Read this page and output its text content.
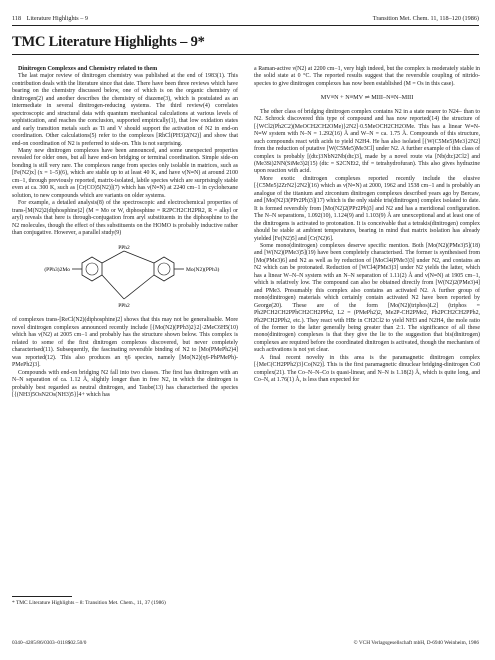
118 Literature Highlights – 9	Transition Met. Chem. 11, 118–120 (1986)
TMC Literature Highlights – 9*

Dinitrogen Complexes and Chemistry related to them

The last major review of dinitrogen chemistry was published at the end of 1983(1). This contribution deals with the literature since that date. There have been three reviews which have bearing on the chemistry discussed below, one of which is on the organic chemistry of dinitrogen(2) and another describes the chemistry of diazene(3), which is postulated as an intermediate in several dinitrogen-reducing systems. The third review(4) correlates spectroscopic and structural data with quantum mechanical calculations at various levels of sophistication, and reaches the conclusion, supported empirically(1), that low oxidation states and early transition metals such as Ti and V should support the activation of N2 in end-on coordination. Other calculations(5) refer to the complexes [RhCl(PH3)2(N2)] and show that end-on coordination of N2 is preferred to side-on. This is not surprising.

Many new dinitrogen complexes have been announced, and some unexpected properties revealed for older ones, but all have end-on bridging or terminal coordination. Simple side-on bonding is still very rare. The complexes range from species only isolable in matrices, such as [Fe(N2)x] (x = 1–5)(6), which are stable up to at least 40 K, and have ν(N≡N) at around 2100 cm−1, through previously reported, matrix-isolated, labile species which are surprisingly stable even at ca. 300 K, such as [Cr(CO)5(N2)](7) which has ν(N≡N) at 2240 cm−1 in cyclohexane solution, to new compounds which are variants on older systems.

For example, a detailed analysis(8) of the spectroscopic and electrochemical properties of trans-[M(N2)2(diphosphine)2] (M = Mo or W, diphosphine = R2PCH2CH2PR2, R = alkyl or aryl) reveals that here is through-conjugation from aryl substituents in the diphosphine to the N2 molecules, though the effect of thes substituents on the HOMO is probably inductive rather than conjugative. However, a parallel study(9)

PPh2
PPh2
(PPh3)2Mo	Mo(N2)(PPh3)

of complexes trans-[ReCl(N2)(diphosphine)2] shows that this may not be generalisable. More novel dinitrogen complexes announced recently include [{Mo(N2)(PPh3)2}2]·2MeC6H5(10) which has ν(N2) at 2005 cm−1 and probably has the structure shown below. This complex is related to some of the first dinitrogen complexes discovered, but never completely characterised(11). Subsequently, the fascinating reversible binding of N2 to [Mo(PMePh2)4] was reported(12). This also produces an η6 species, namely [Mo(N2)(η6-PhPMePh)-PMePh2)3].

Compounds with end-on bridging N2 fall into two classes. The first has dinitrogen with an N–N separation of ca. 1.12 Å, slightly longer than in free N2, in which the dinitrogen is probably best regarded as neutral dinitrogen, and Taube(13) has characterised the species [{(NH3)5OsN2Os(NH3)5}]4+ which has

a Raman-active ν(N2) at 2200 cm−1, very high indeed, but the complex is moderately stable in the solid state at 0 °C. The reported results suggest that the reversible coupling of nitrido-species to give dinitrogen complexes has now been established (M = Os in this case).

MV≡N + N≡MV ⇌ MIII–N≡N–MIII

The other class of bridging dinitrogen complex contains N2 in a state nearer to N24− than to N2. Schrock discovered this type of compound and has now reported(14) the structure of [{WCl2(Ph2C2)(MeOCH2CH2OMe)}2N2]·0.5MeOCH2CH2OMe. This has a linear W≡N-N≡W system with N–N = 1.292(16) Å and W–N = ca. 1.75 Å. Compounds of this structure, such compounds react with acids to yield N2H4. He has also isolated [{W(C5Me5)Me3}2N2] from the reduction of putative [W(C5Me5)Me3Cl] under N2. A further example of this class of complex is probably [(dtc)3NbN2Nb(dtc)3], made by a novel route via [Nb(dtc)2Cl2] and (Me3Si)2NN(SiMe3)2(15) (dtc = S2CNEt2, thf = tetrahydrofuran). This also gives hydrazine upon reaction with acid.

More exotic dinitrogen complexes reported recently include the elusive [{C5Me5)2ZrN2}2N2](16) which as ν(N≡N) at 2000, 1962 and 1538 cm−1 and is probably an analogue of the titanium and zirconium dinitrogen complexes described years ago by Bercaw, and [Mo(N2)3(PPr2Ph)3](17) which is the only stable tris(dinitrogen) complex isolated to date. It is formed reversibly from [Mo(N2)2(PPr2Ph)3] and N2 and has a meridional configuration. The N–N separations, 1.092(10), 1.124(9) and 1.103(9) Å are unexceptional and at least one of the dinitrogens is activated to protonation. It is conceivable that a tetrakis(dinitrogen) complex should be stable at ambient temperatures, bearing in mind that matrix isolation has already yielded [Fe(N2)5] and [Cr(N2)6].

Some mono(dinitrogen) complexes deserve specific mention. Both [Mo(N2)(PMe3)5](18) and [W(N2)(PMe3)5](19) have been completely characterised. The former is synthesised from [Mo(PMe3)6] and N2 as well as by reduction of [MoCl4(PMe3)3] under N2, and contains an N2 which can be protonated. Reduction of [WCl4(PMe3)3] under N2 yields the latter, which has a linear W–N–N system with an N–N separation of 1.11(2) Å and ν(N≡N) at 1905 cm−1, which is relatively low. The compound can also be obtained directly from [W(N2)2(PMe3)4] and PMe3. Presumably this complex also contains an activated N2. A further group of mono(dinitrogen) materials which certainly contain activated N2 have been reported by George(20). These are of the form [Mo(N2)(triphos)L2] (triphos = Ph2PCH2CH2PPhCH2CH2PPh2, L2 = (PMePh2)2, Me2P-CH2PMe2, Ph2PCH2CH2PPh2, Ph2PCH2PPh2, etc.). They react with HBr in CH2Cl2 to yield NH3 and N2H4, the mole ratio of the former to the latter generally being greater than 2:1. The significance of all these mono(dinitrogen) complexes is that they give the lie to the suggestion that bis(dinitrogen) complexes are required before the coordinated dinitrogen is activated, though the mechanism of such activations is not yet clear.

A final recent novelty in this area is the paramagnetic dinitrogen complex [{MeC(CH2PPh2)3}Co(N2)]. This is the first paramagnetic dinuclear bridging-dinitrogen Co0 complex(21). The Co–N–N–Co is quasi-linear, and N–N is 1.18(2) Å, which is quite long, and Co–N, at 1.76(1) Å, is less than expected for

* TMC Literature Highlights – 8: Transition Met. Chem., 11, 37 (1986)
0340–4285/86/0303–0118$02.50/0	© VCH Verlagsgesellschaft mbH, D-6940 Weinheim, 1986
